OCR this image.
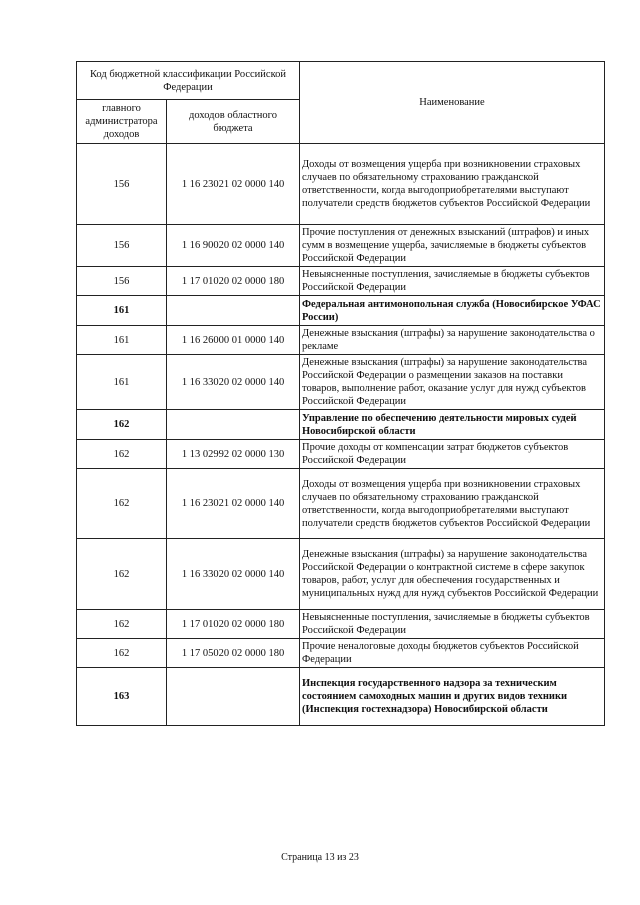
Код бюджетной классификации Российской Федерации		Наименование
главного администратора доходов	доходов областного бюджета	
156	1 16 23021 02 0000 140	Доходы от возмещения ущерба при возникновении страховых случаев по обязательному страхованию гражданской ответственности, когда выгодоприобретателями выступают получатели средств бюджетов субъектов Российской Федерации
156	1 16 90020 02 0000 140	Прочие поступления от денежных взысканий (штрафов) и иных сумм в возмещение ущерба, зачисляемые в бюджеты субъектов Российской Федерации
156	1 17 01020 02 0000 180	Невыясненные поступления, зачисляемые в бюджеты субъектов Российской Федерации
161		Федеральная антимонопольная служба (Новосибирское УФАС России)
161	1 16 26000 01 0000 140	Денежные взыскания (штрафы) за нарушение законодательства о рекламе
161	1 16 33020 02 0000 140	Денежные взыскания (штрафы) за нарушение законодательства Российской Федерации о размещении заказов на поставки товаров, выполнение работ, оказание услуг для нужд субъектов Российской Федерации
162		Управление по обеспечению деятельности мировых судей Новосибирской области
162	1 13 02992 02 0000 130	Прочие доходы от компенсации затрат бюджетов субъектов Российской Федерации
162	1 16 23021 02 0000 140	Доходы от возмещения ущерба при возникновении страховых случаев по обязательному страхованию гражданской ответственности, когда выгодоприобретателями выступают получатели средств бюджетов субъектов Российской Федерации
162	1 16 33020 02 0000 140	Денежные взыскания (штрафы) за нарушение законодательства Российской Федерации о контрактной системе в сфере закупок товаров, работ, услуг для обеспечения государственных и муниципальных нужд для нужд субъектов Российской Федерации
162	1 17 01020 02 0000 180	Невыясненные поступления, зачисляемые в бюджеты субъектов Российской Федерации
162	1 17 05020 02 0000 180	Прочие неналоговые доходы бюджетов субъектов Российской Федерации
163		Инспекция государственного надзора за техническим состоянием самоходных машин и других видов техники (Инспекция гостехнадзора) Новосибирской области
Страница 13 из 23
